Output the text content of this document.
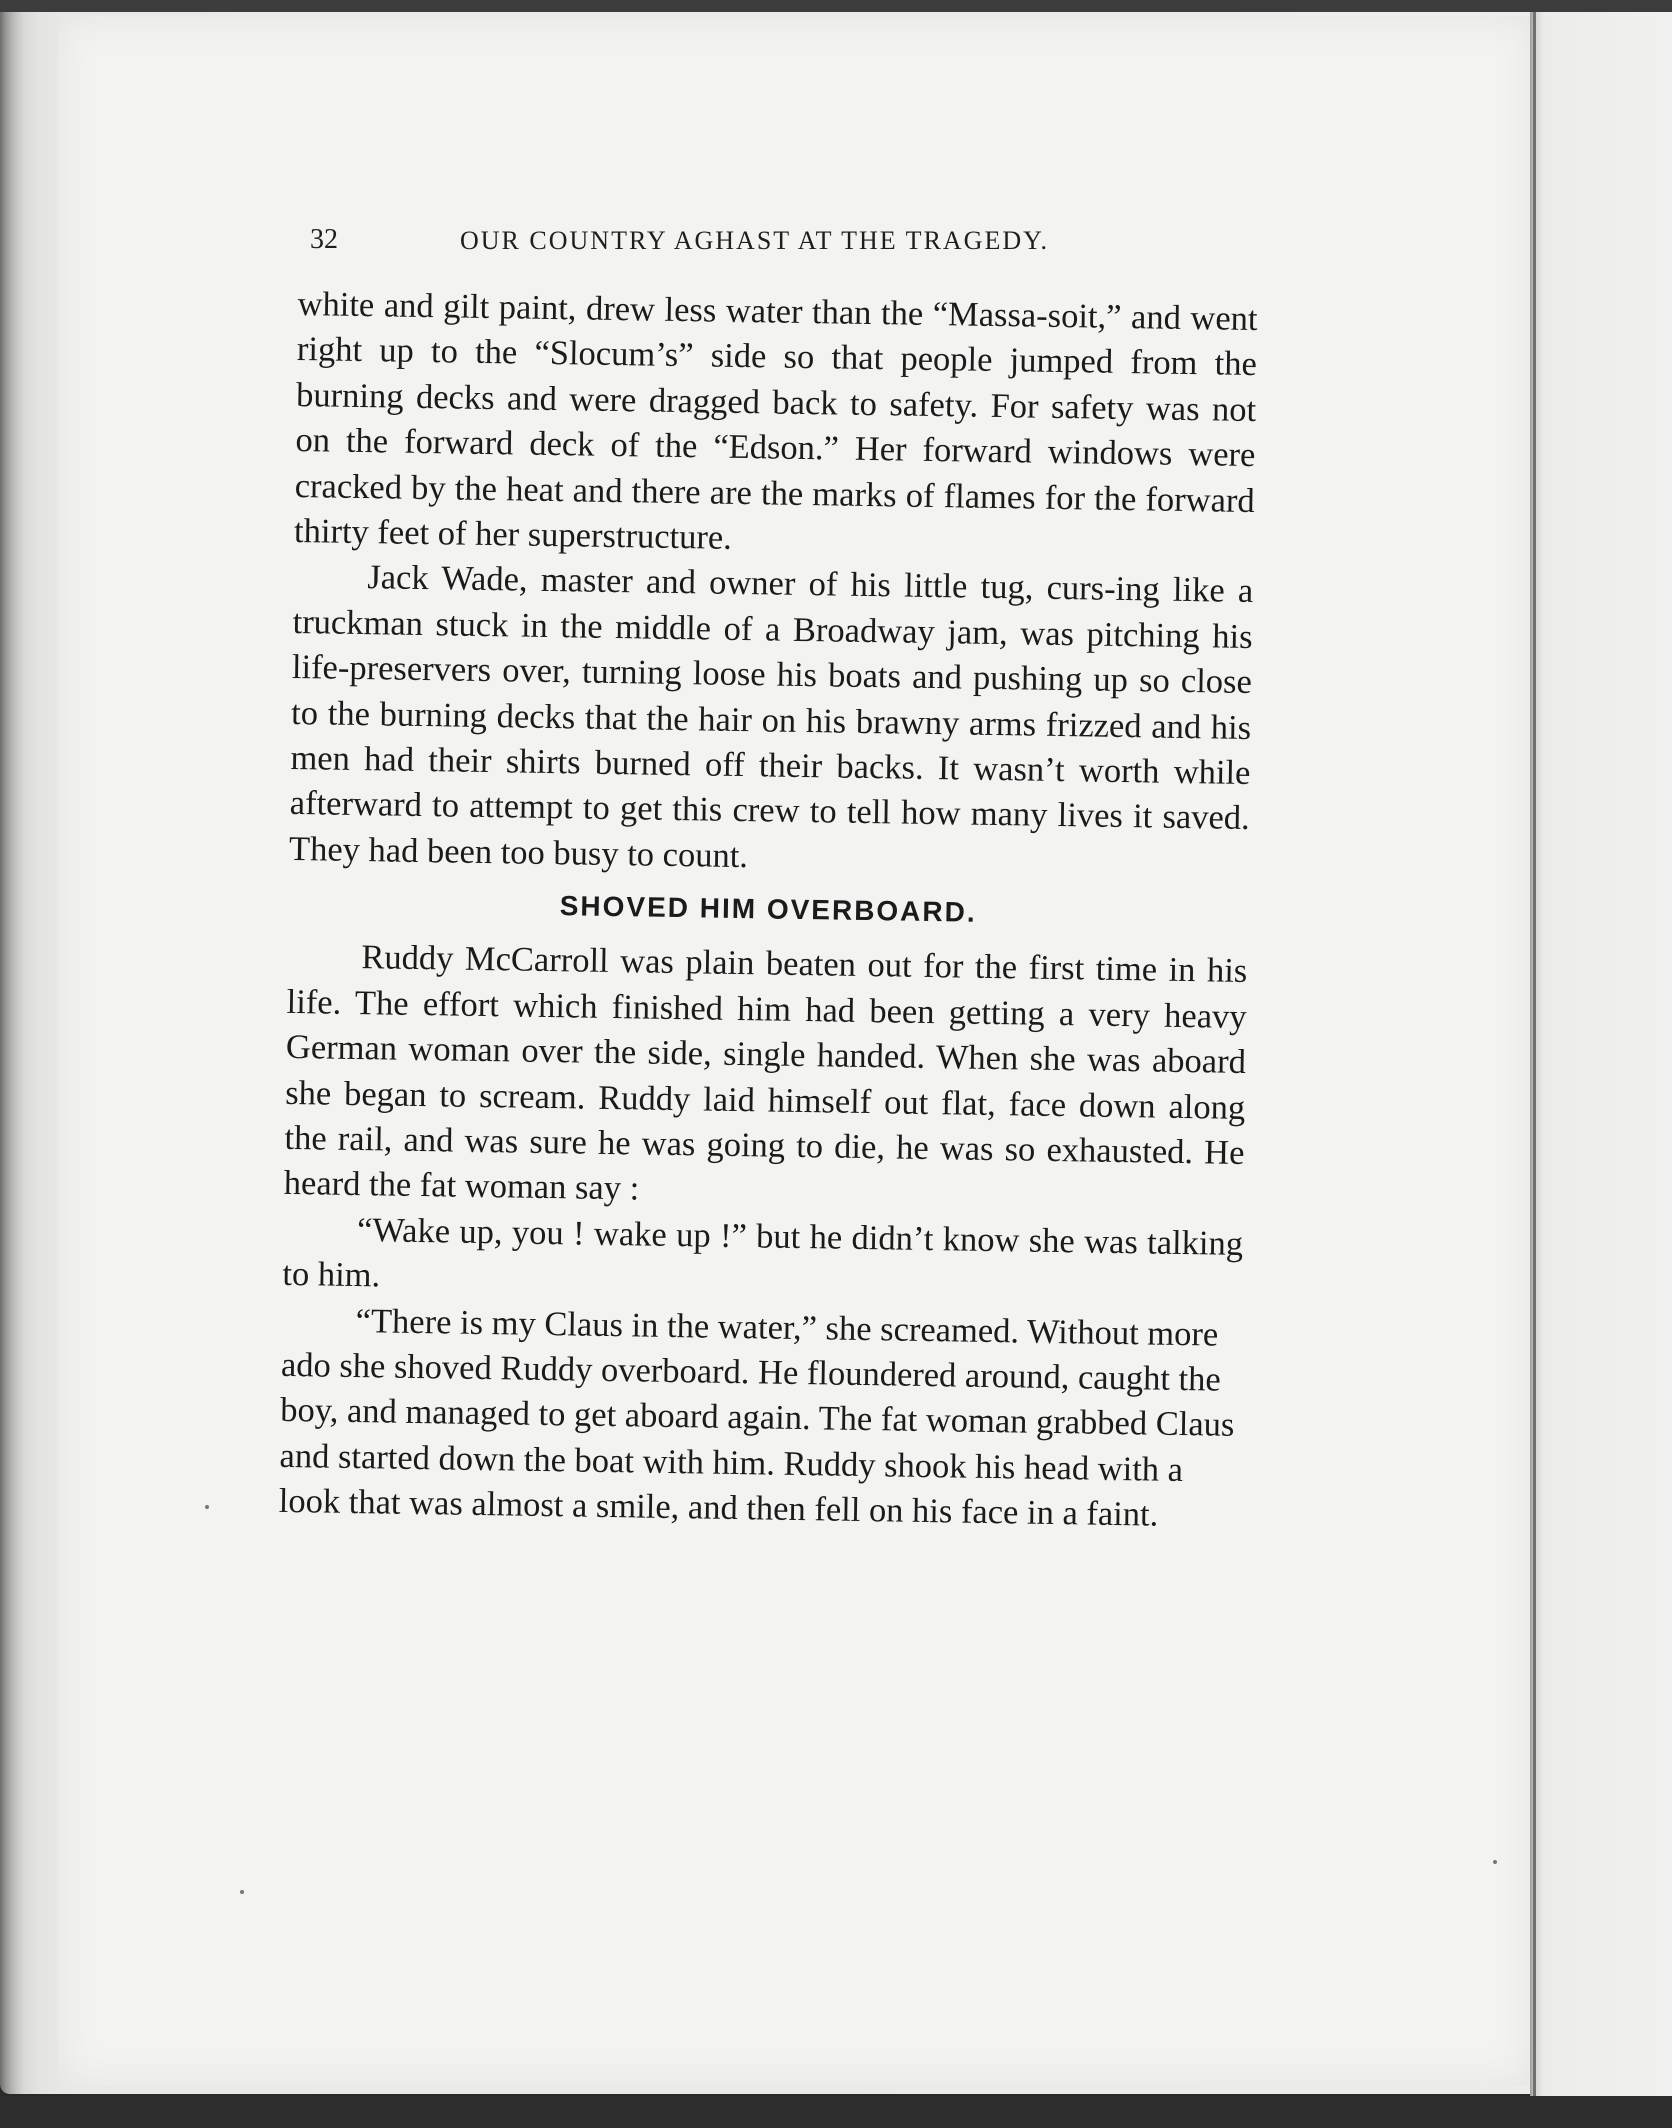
32	OUR COUNTRY AGHAST AT THE TRAGEDY.

white and gilt paint, drew less water than the “Massa-soit,” and went right up to the “Slocum’s” side so that people jumped from the burning decks and were dragged back to safety. For safety was not on the forward deck of the “Edson.” Her forward windows were cracked by the heat and there are the marks of flames for the forward thirty feet of her superstructure.

Jack Wade, master and owner of his little tug, curs-ing like a truckman stuck in the middle of a Broadway jam, was pitching his life-preservers over, turning loose his boats and pushing up so close to the burning decks that the hair on his brawny arms frizzed and his men had their shirts burned off their backs. It wasn’t worth while afterward to attempt to get this crew to tell how many lives it saved. They had been too busy to count.

SHOVED HIM OVERBOARD.

Ruddy McCarroll was plain beaten out for the first time in his life. The effort which finished him had been getting a very heavy German woman over the side, single handed. When she was aboard she began to scream. Ruddy laid himself out flat, face down along the rail, and was sure he was going to die, he was so exhausted. He heard the fat woman say :

“Wake up, you ! wake up !” but he didn’t know she was talking to him.

“There is my Claus in the water,” she screamed. Without more ado she shoved Ruddy overboard. He floundered around, caught the boy, and managed to get aboard again. The fat woman grabbed Claus and started down the boat with him. Ruddy shook his head with a look that was almost a smile, and then fell on his face in a faint.
